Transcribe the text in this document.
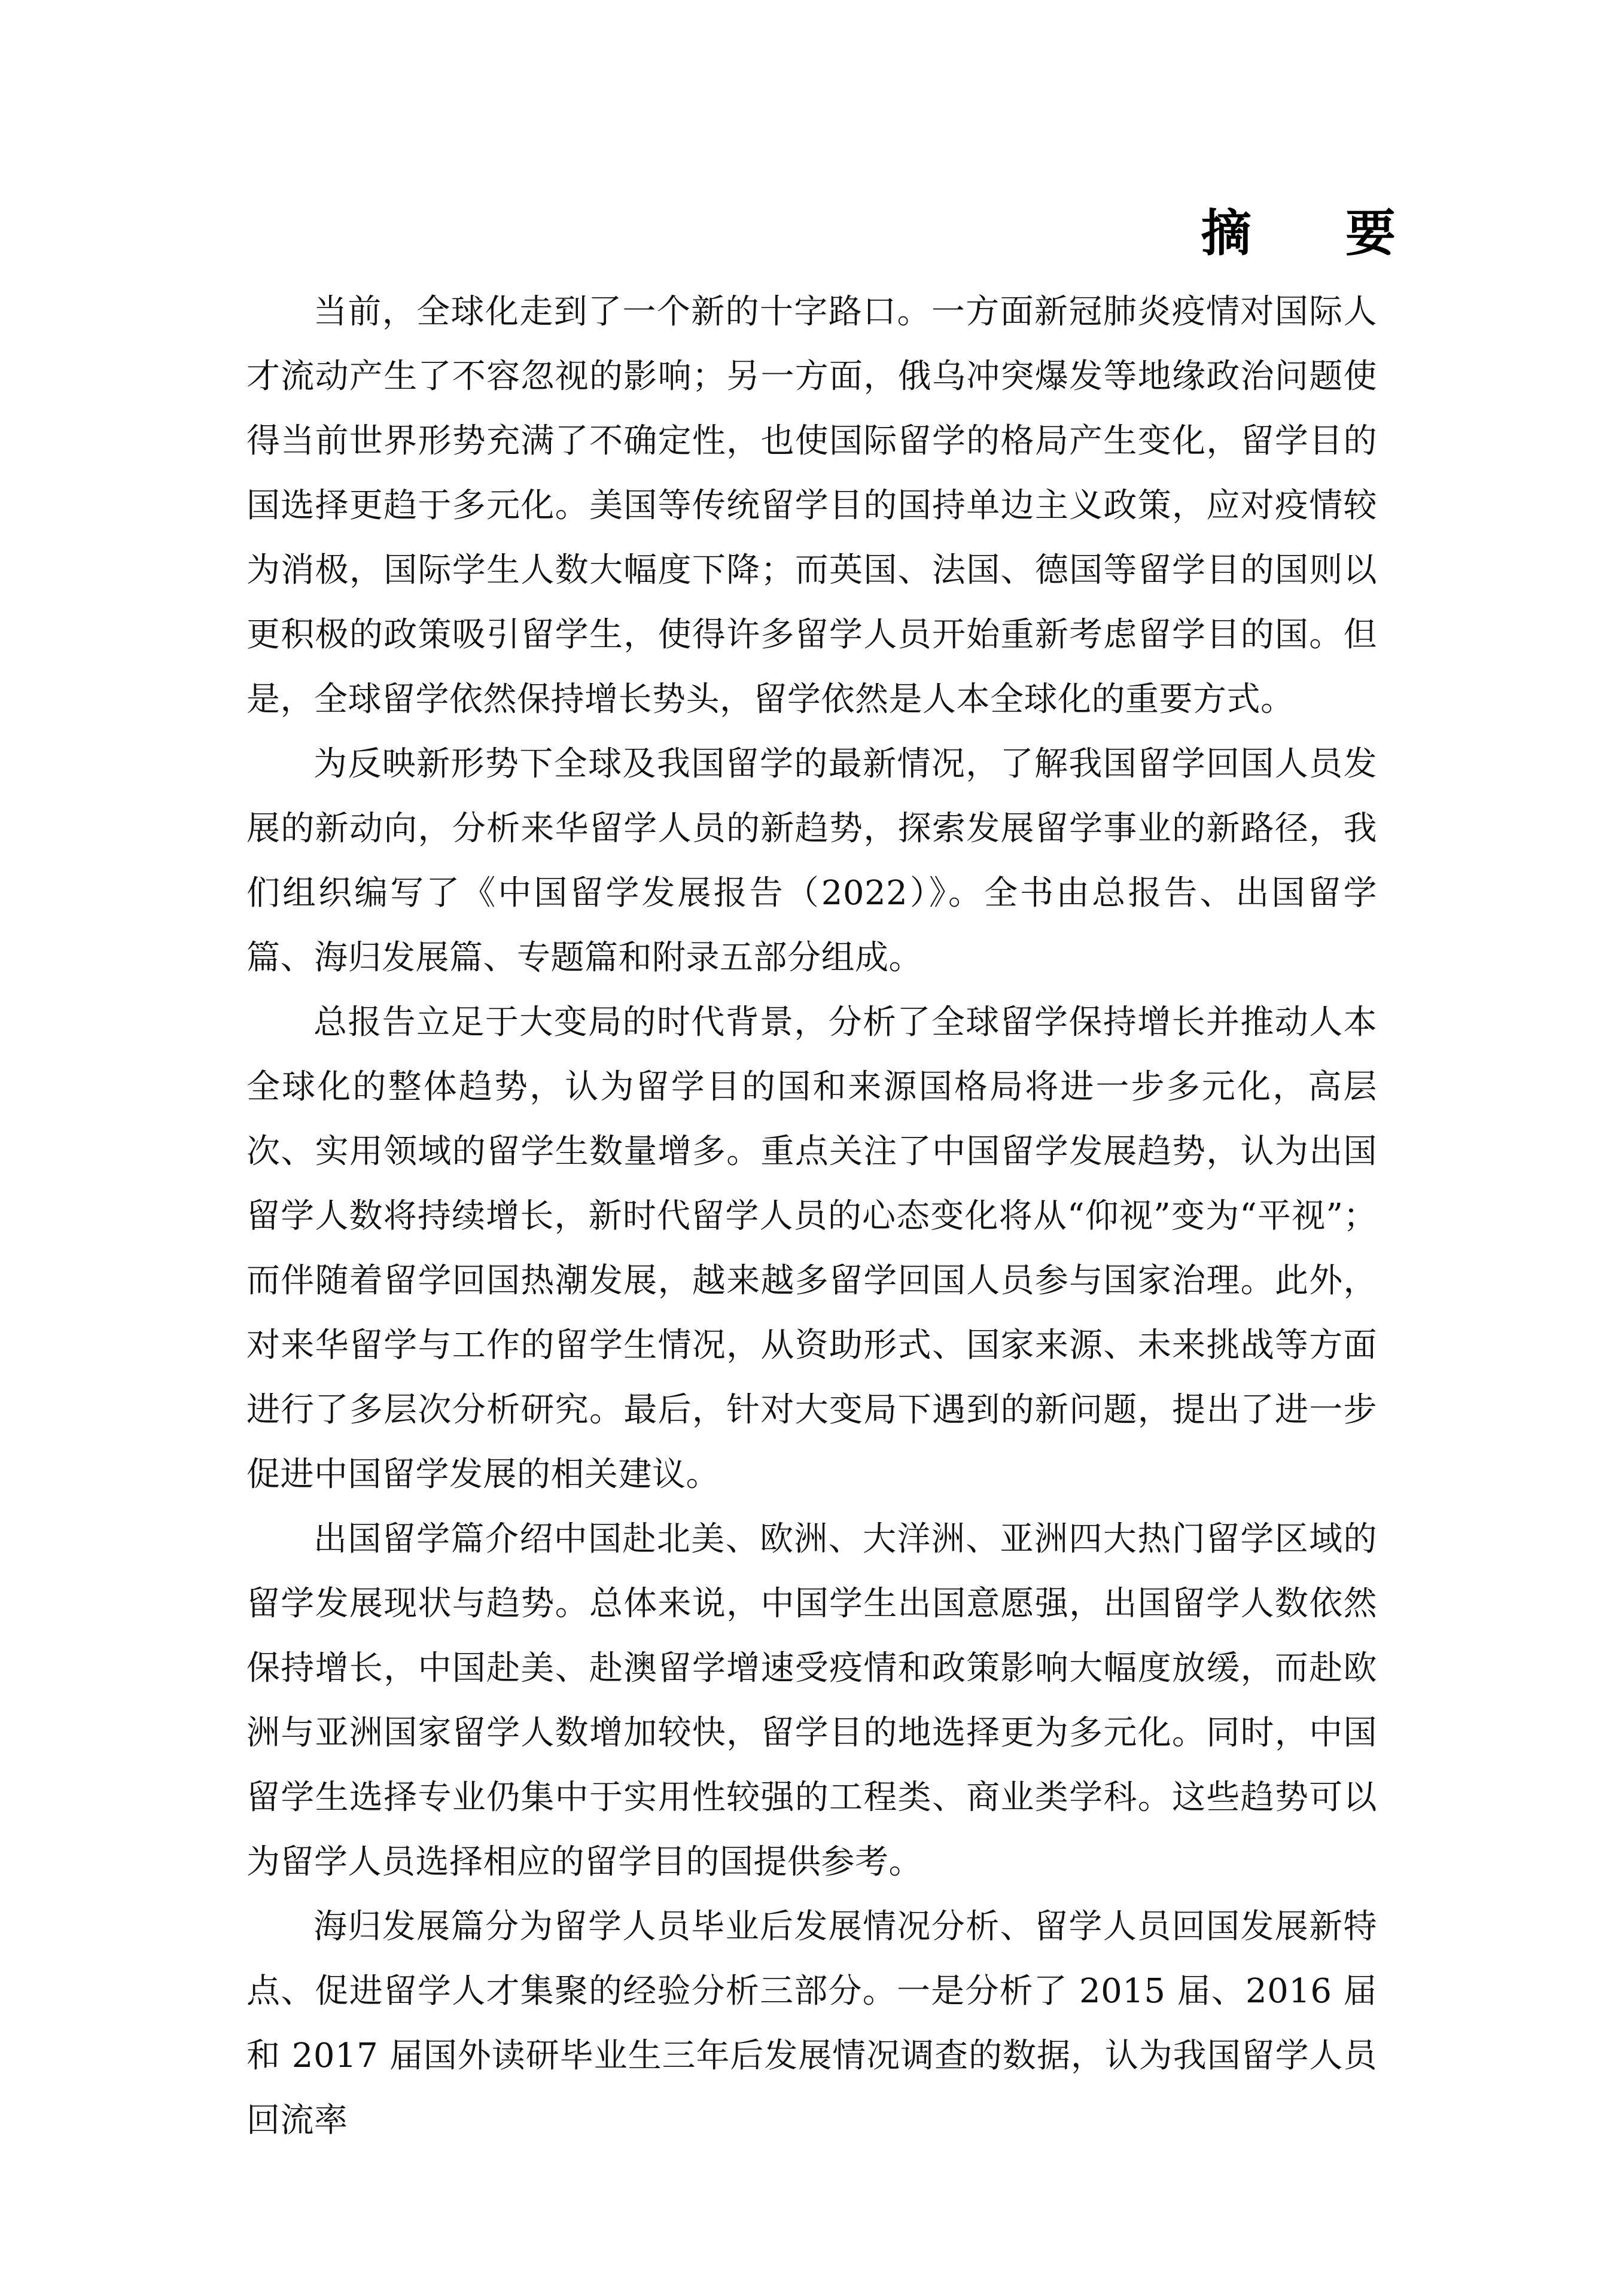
摘 要

当前，全球化走到了一个新的十字路口。一方面新冠肺炎疫情对国际人才流动产生了不容忽视的影响；另一方面，俄乌冲突爆发等地缘政治问题使得当前世界形势充满了不确定性，也使国际留学的格局产生变化，留学目的国选择更趋于多元化。美国等传统留学目的国持单边主义政策，应对疫情较为消极，国际学生人数大幅度下降；而英国、法国、德国等留学目的国则以更积极的政策吸引留学生，使得许多留学人员开始重新考虑留学目的国。但是，全球留学依然保持增长势头，留学依然是人本全球化的重要方式。

为反映新形势下全球及我国留学的最新情况，了解我国留学回国人员发展的新动向，分析来华留学人员的新趋势，探索发展留学事业的新路径，我们组织编写了《中国留学发展报告（2022）》。全书由总报告、出国留学篇、海归发展篇、专题篇和附录五部分组成。

总报告立足于大变局的时代背景，分析了全球留学保持增长并推动人本全球化的整体趋势，认为留学目的国和来源国格局将进一步多元化，高层次、实用领域的留学生数量增多。重点关注了中国留学发展趋势，认为出国留学人数将持续增长，新时代留学人员的心态变化将从“仰视”变为“平视”；而伴随着留学回国热潮发展，越来越多留学回国人员参与国家治理。此外，对来华留学与工作的留学生情况，从资助形式、国家来源、未来挑战等方面进行了多层次分析研究。最后，针对大变局下遇到的新问题，提出了进一步促进中国留学发展的相关建议。

出国留学篇介绍中国赴北美、欧洲、大洋洲、亚洲四大热门留学区域的留学发展现状与趋势。总体来说，中国学生出国意愿强，出国留学人数依然保持增长，中国赴美、赴澳留学增速受疫情和政策影响大幅度放缓，而赴欧洲与亚洲国家留学人数增加较快，留学目的地选择更为多元化。同时，中国留学生选择专业仍集中于实用性较强的工程类、商业类学科。这些趋势可以为留学人员选择相应的留学目的国提供参考。

海归发展篇分为留学人员毕业后发展情况分析、留学人员回国发展新特点、促进留学人才集聚的经验分析三部分。一是分析了 2015 届、2016 届和 2017 届国外读研毕业生三年后发展情况调查的数据，认为我国留学人员回流率
